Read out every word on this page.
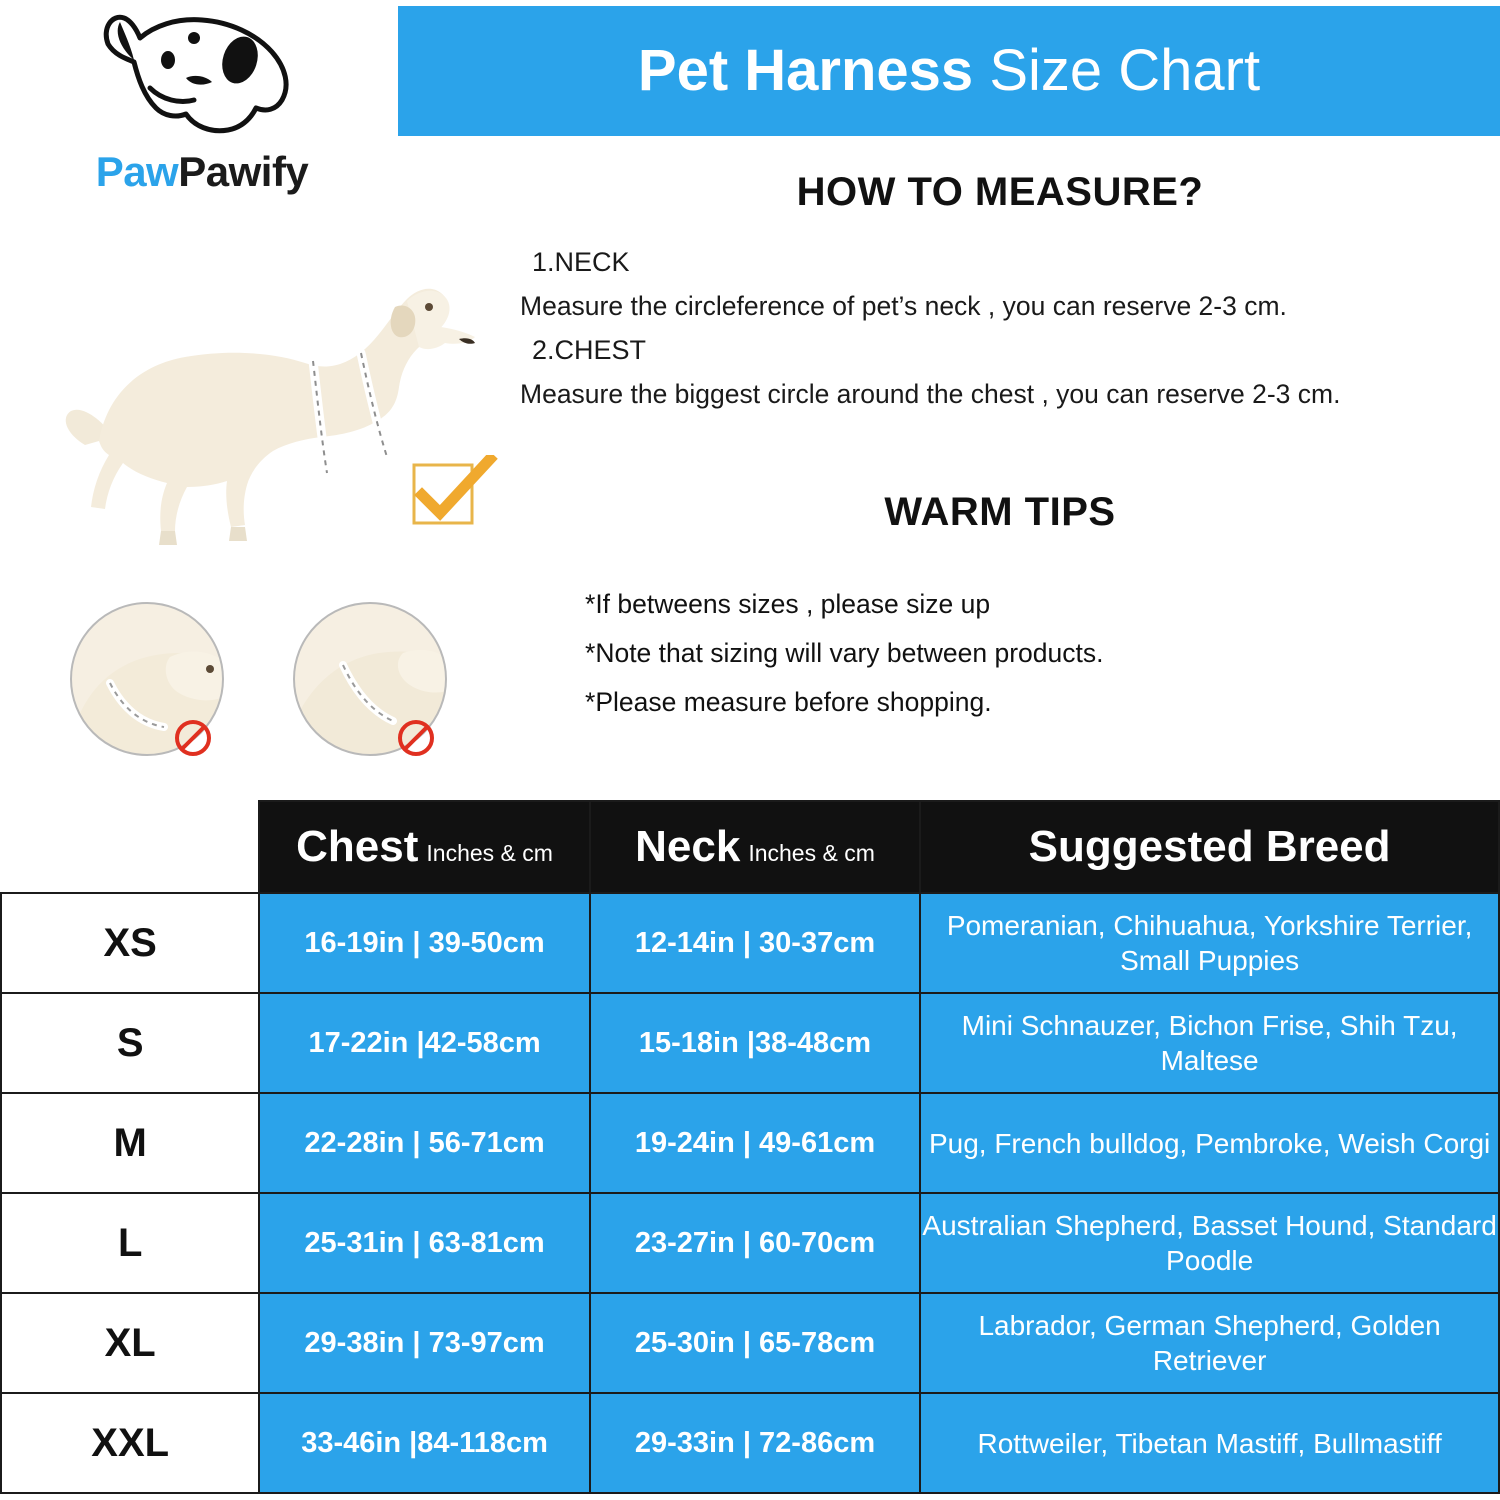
Pet Harness Size Chart
PawPawify	HOW TO MEASURE?
1.NECK
Measure the circleference of pet’s neck , you can reserve 2-3 cm.
2.CHEST
Measure the biggest circle around the chest , you can reserve 2-3 cm.
WARM TIPS
*If betweens sizes , please size up
*Note that sizing will vary between products.
*Please measure before shopping.
	Chest Inches & cm	Neck Inches & cm	Suggested Breed
XS	16-19in | 39-50cm	12-14in | 30-37cm	Pomeranian, Chihuahua, Yorkshire Terrier, Small Puppies
S	17-22in |42-58cm	15-18in |38-48cm	Mini Schnauzer, Bichon Frise, Shih Tzu, Maltese
M	22-28in | 56-71cm	19-24in | 49-61cm	Pug, French bulldog, Pembroke, Weish Corgi
L	25-31in | 63-81cm	23-27in | 60-70cm	Australian Shepherd, Basset Hound, Standard Poodle
XL	29-38in | 73-97cm	25-30in | 65-78cm	Labrador, German Shepherd, Golden Retriever
XXL	33-46in |84-118cm	29-33in | 72-86cm	Rottweiler, Tibetan Mastiff, Bullmastiff
